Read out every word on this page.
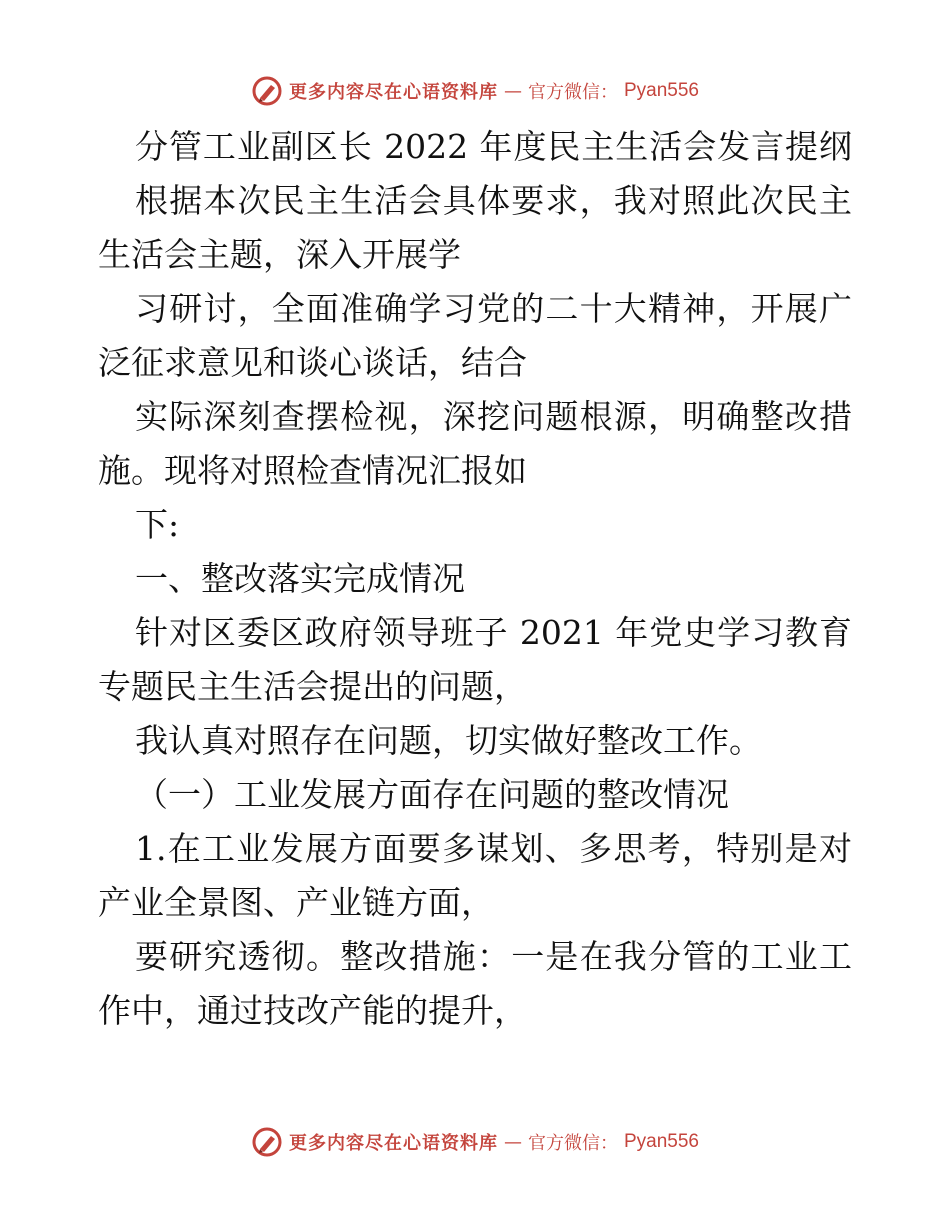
更多内容尽在心语资料库 — 官方微信： Pyan556
分管工业副区长 2022 年度民主生活会发言提纲
根据本次民主生活会具体要求，我对照此次民主
生活会主题，深入开展学
习研讨，全面准确学习党的二十大精神，开展广
泛征求意见和谈心谈话，结合
实际深刻查摆检视，深挖问题根源，明确整改措
施。现将对照检查情况汇报如
下:
一、整改落实完成情况
针对区委区政府领导班子 2021 年党史学习教育
专题民主生活会提出的问题，
我认真对照存在问题，切实做好整改工作。
（一）工业发展方面存在问题的整改情况
1.在工业发展方面要多谋划、多思考，特别是对
产业全景图、产业链方面，
要研究透彻。整改措施：一是在我分管的工业工
作中，通过技改产能的提升，
更多内容尽在心语资料库 — 官方微信： Pyan556
